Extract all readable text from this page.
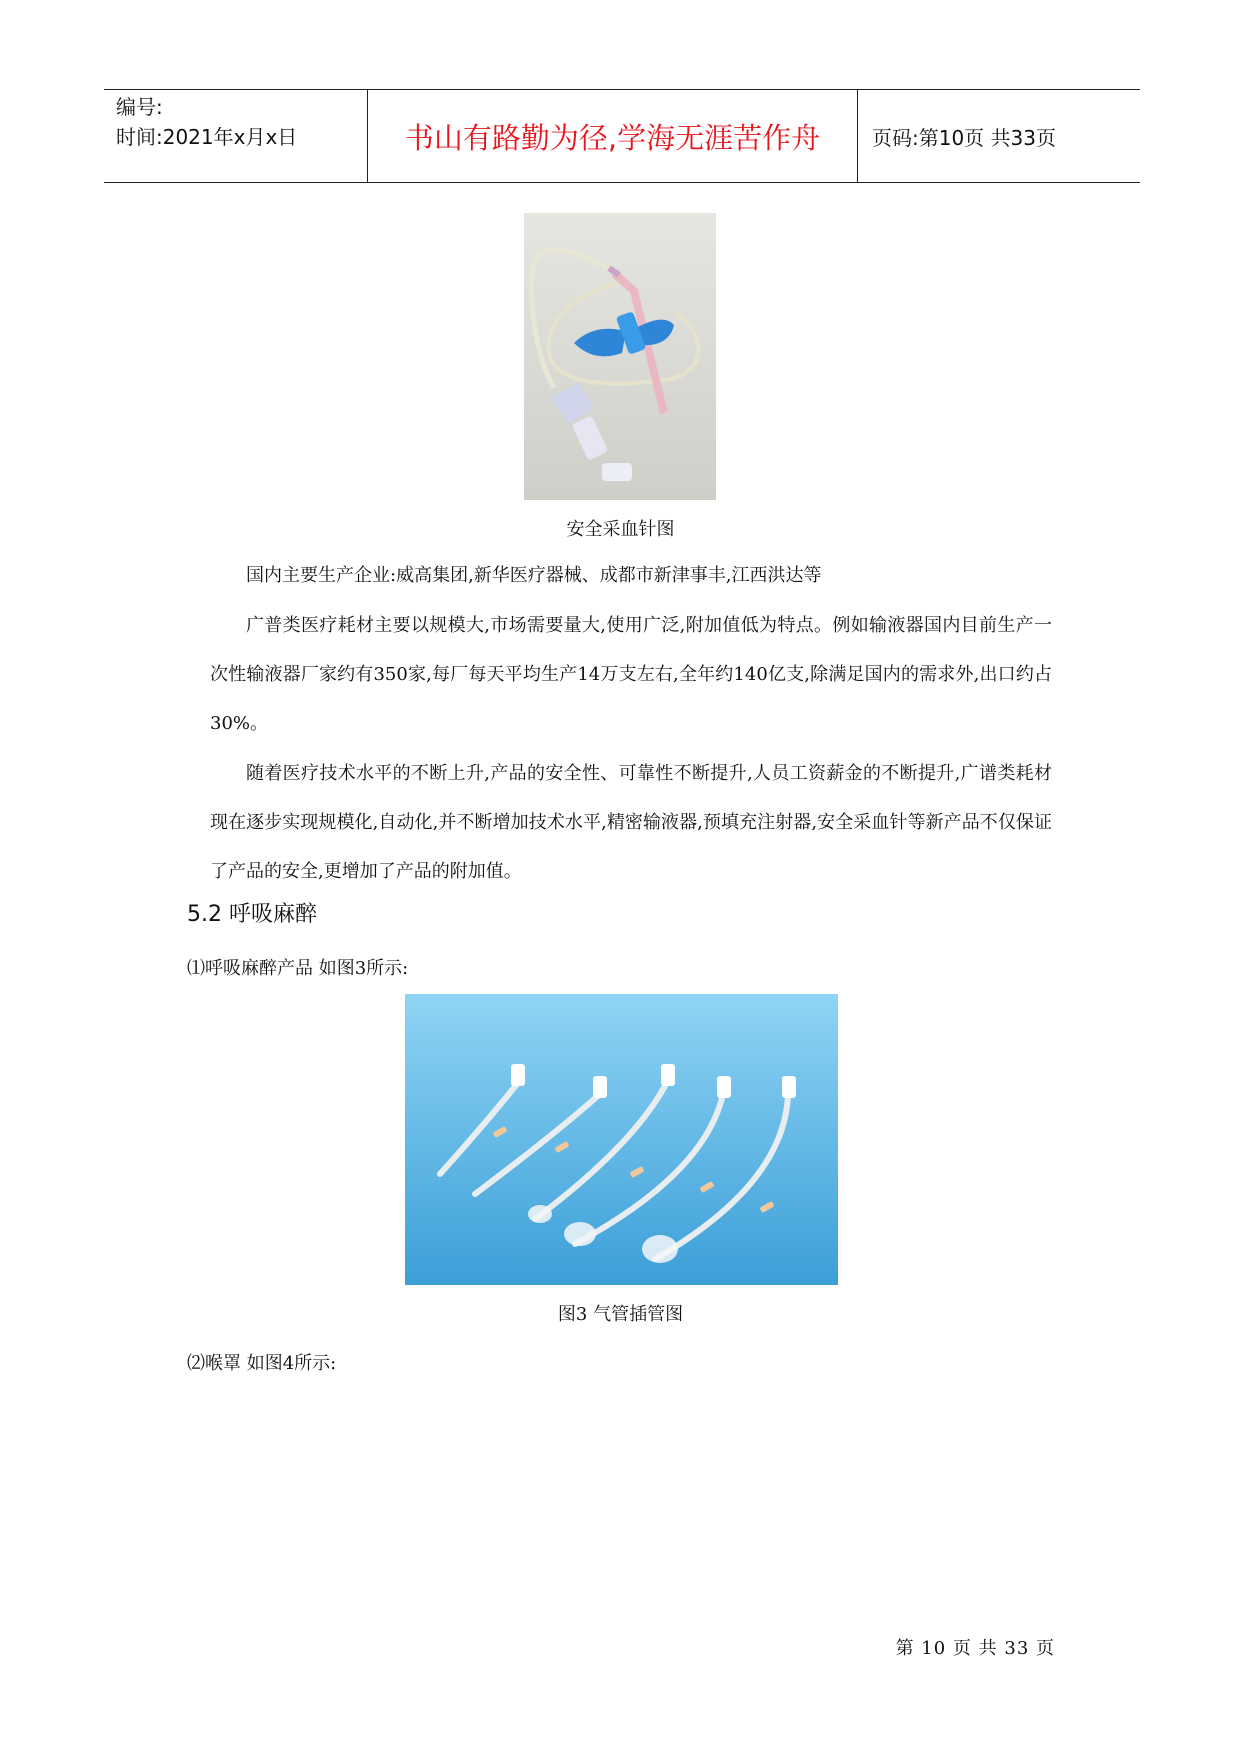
编号:
时间:2021年x月x日	书山有路勤为径,学海无涯苦作舟	页码:第10页 共33页
安全采血针图
国内主要生产企业:威高集团,新华医疗器械、成都市新津事丰,江西洪达等
广普类医疗耗材主要以规模大,市场需要量大,使用广泛,附加值低为特点。例如输液器国内目前生产一次性输液器厂家约有350家,每厂每天平均生产14万支左右,全年约140亿支,除满足国内的需求外,出口约占30%。
随着医疗技术水平的不断上升,产品的安全性、可靠性不断提升,人员工资薪金的不断提升,广谱类耗材现在逐步实现规模化,自动化,并不断增加技术水平,精密输液器,预填充注射器,安全采血针等新产品不仅保证了产品的安全,更增加了产品的附加值。
5.2 呼吸麻醉
⑴呼吸麻醉产品 如图3所示:
图3 气管插管图
⑵喉罩 如图4所示:
第 10 页 共 33 页
